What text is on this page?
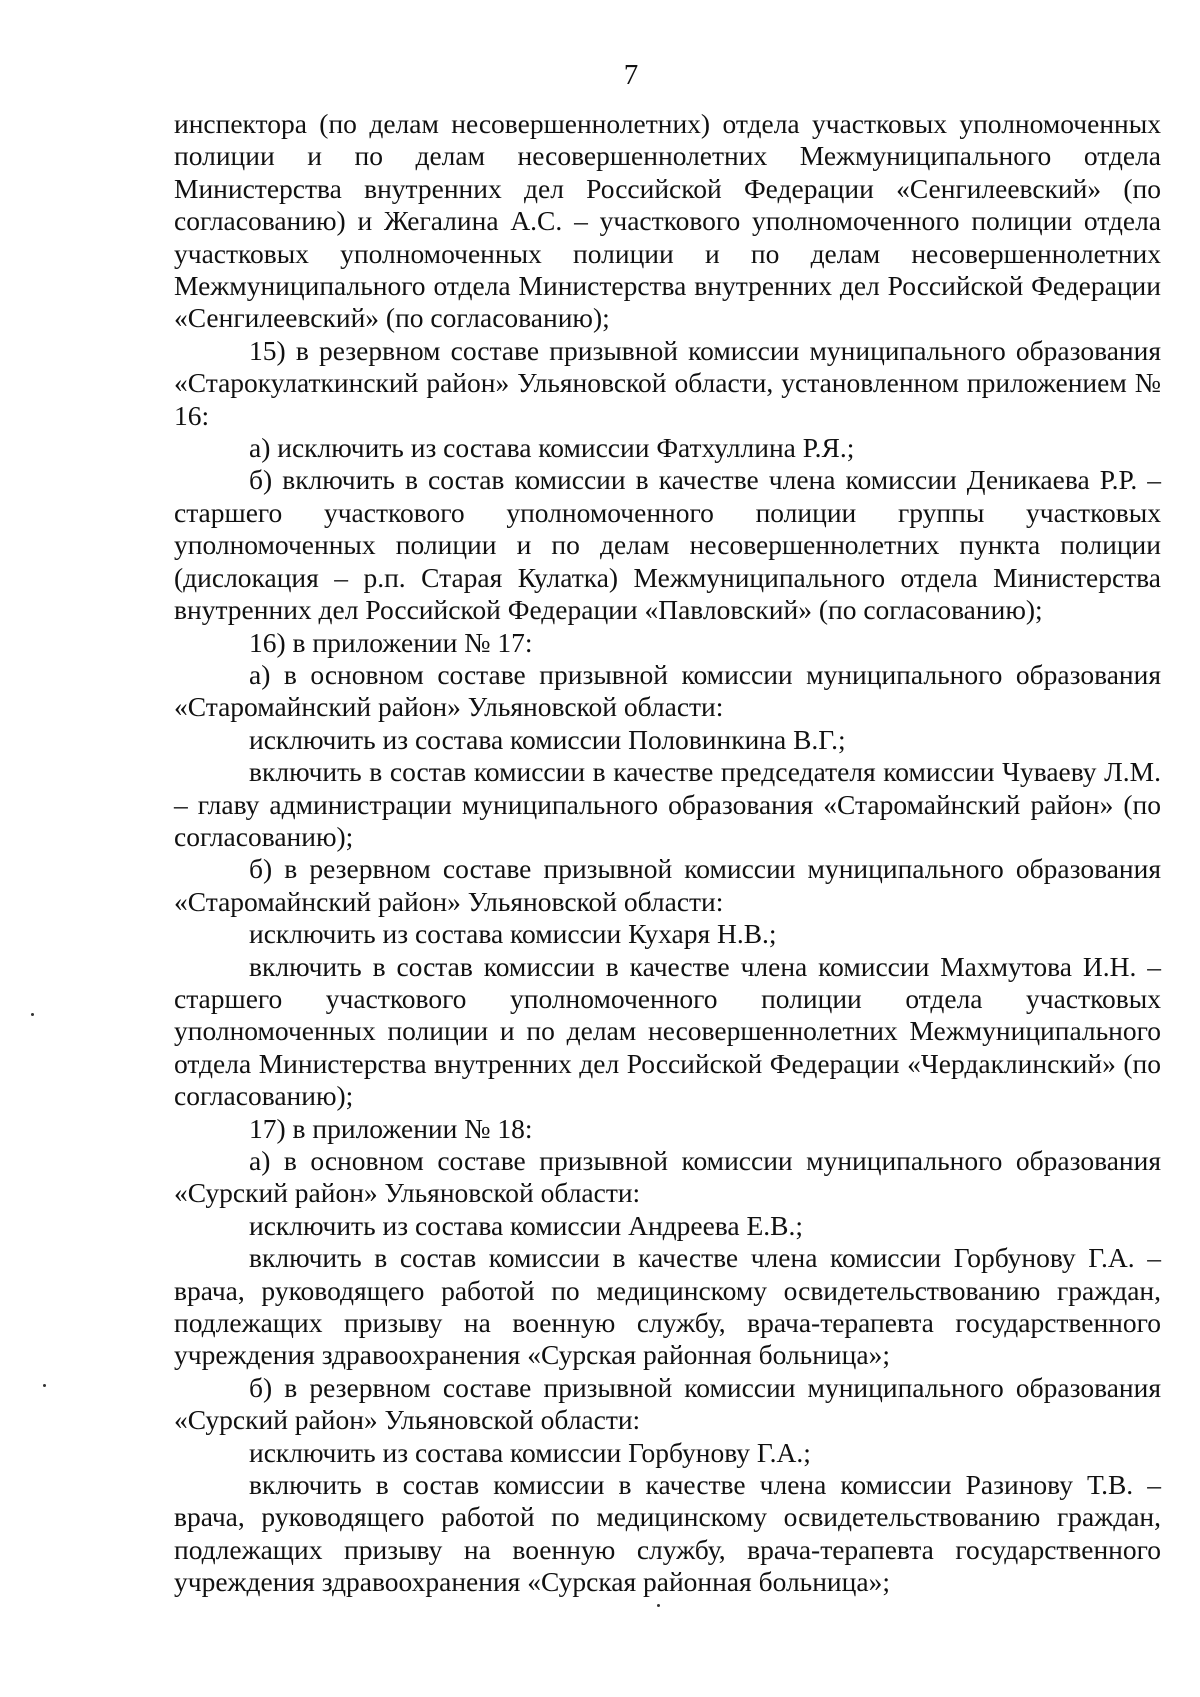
7

инспектора (по делам несовершеннолетних) отдела участковых уполномоченных полиции и по делам несовершеннолетних Межмуниципального отдела Министерства внутренних дел Российской Федерации «Сенгилеевский» (по согласованию) и Жегалина А.С. – участкового уполномоченного полиции отдела участковых уполномоченных полиции и по делам несовершеннолетних Межмуниципального отдела Министерства внутренних дел Российской Федерации «Сенгилеевский» (по согласованию);

15) в резервном составе призывной комиссии муниципального образования «Старокулаткинский район» Ульяновской области, установленном приложением № 16:

а) исключить из состава комиссии Фатхуллина Р.Я.;

б) включить в состав комиссии в качестве члена комиссии Деникаева Р.Р. – старшего участкового уполномоченного полиции группы участковых уполномоченных полиции и по делам несовершеннолетних пункта полиции (дислокация – р.п. Старая Кулатка) Межмуниципального отдела Министерства внутренних дел Российской Федерации «Павловский» (по согласованию);

16) в приложении № 17:

а) в основном составе призывной комиссии муниципального образования «Старомайнский район» Ульяновской области:

исключить из состава комиссии Половинкина В.Г.;

включить в состав комиссии в качестве председателя комиссии Чуваеву Л.М. – главу администрации муниципального образования «Старомайнский район» (по согласованию);

б) в резервном составе призывной комиссии муниципального образования «Старомайнский район» Ульяновской области:

исключить из состава комиссии Кухаря Н.В.;

включить в состав комиссии в качестве члена комиссии Махмутова И.Н. – старшего участкового уполномоченного полиции отдела участковых уполномоченных полиции и по делам несовершеннолетних Межмуниципального отдела Министерства внутренних дел Российской Федерации «Чердаклинский» (по согласованию);

17) в приложении № 18:

а) в основном составе призывной комиссии муниципального образования «Сурский район» Ульяновской области:

исключить из состава комиссии Андреева Е.В.;

включить в состав комиссии в качестве члена комиссии Горбунову Г.А. – врача, руководящего работой по медицинскому освидетельствованию граждан, подлежащих призыву на военную службу, врача-терапевта государственного учреждения здравоохранения «Сурская районная больница»;

б) в резервном составе призывной комиссии муниципального образования «Сурский район» Ульяновской области:

исключить из состава комиссии Горбунову Г.А.;

включить в состав комиссии в качестве члена комиссии Разинову Т.В. – врача, руководящего работой по медицинскому освидетельствованию граждан, подлежащих призыву на военную службу, врача-терапевта государственного учреждения здравоохранения «Сурская районная больница»;
